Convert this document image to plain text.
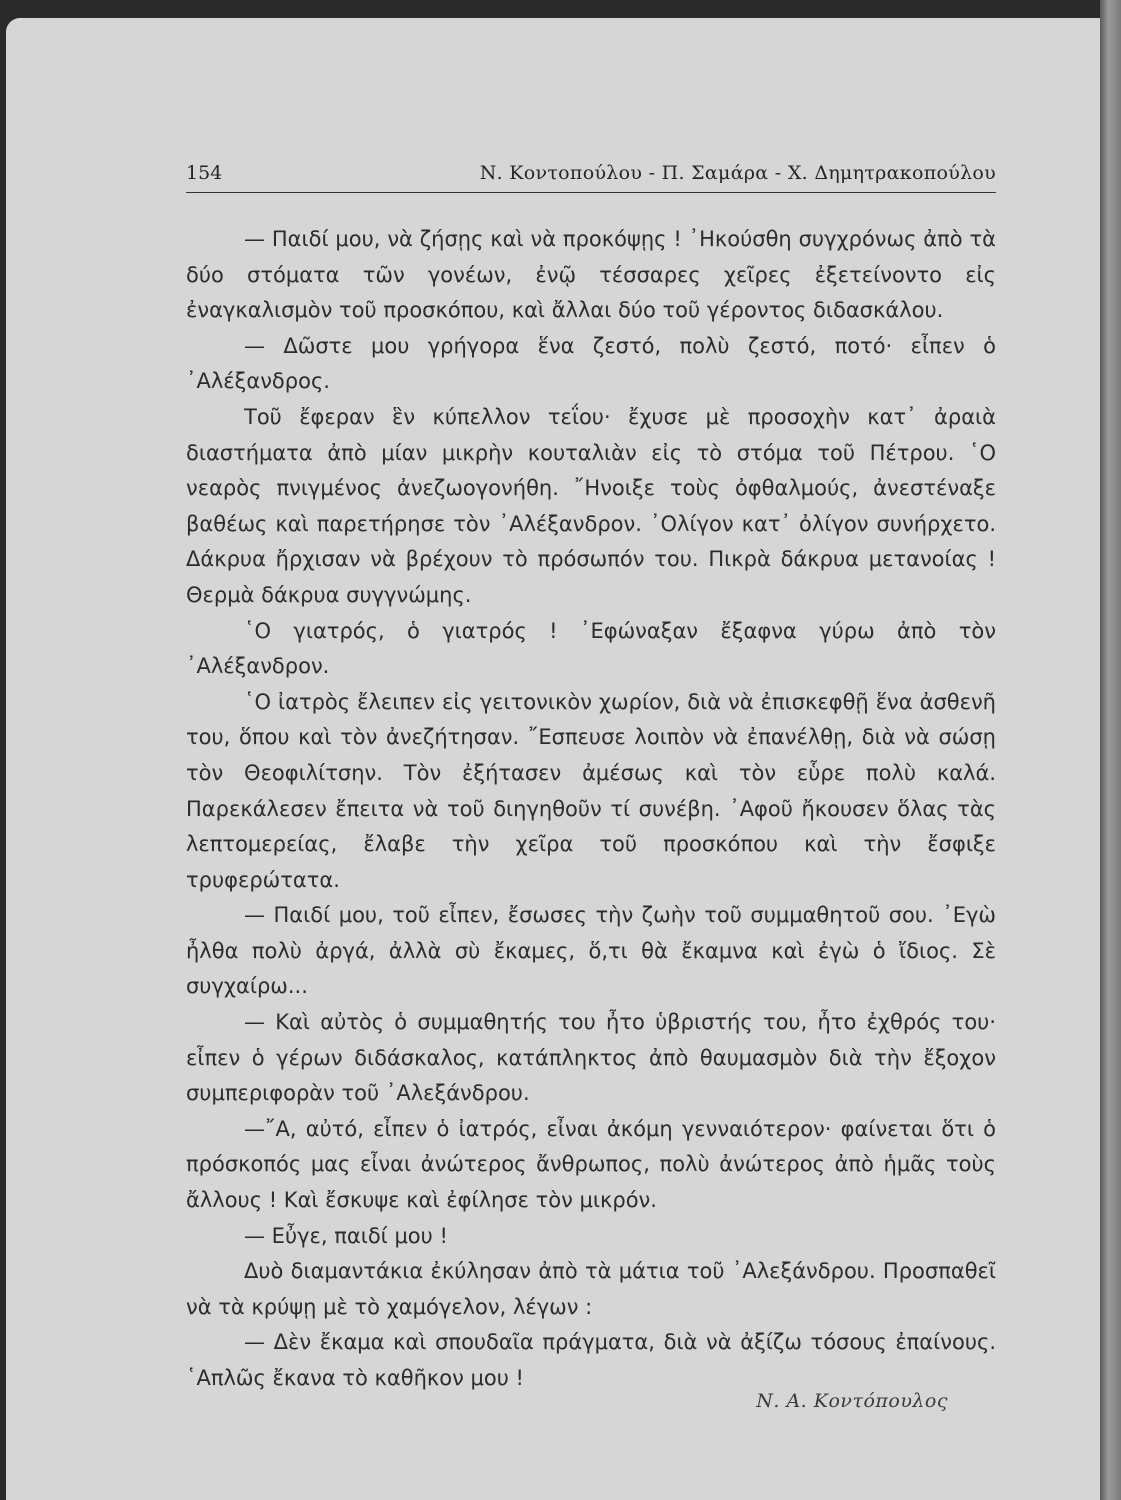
154	Ν. Κοντοπούλου - Π. Σαμάρα - Χ. Δημητρακοπούλου

— Παιδί μου, νὰ ζήσῃς καὶ νὰ προκόψῃς ! ᾿Ηκούσθη συγχρόνως ἀπὸ τὰ δύο στόματα τῶν γονέων, ἐνῷ τέσσαρες χεῖρες ἐξετείνοντο εἰς ἐναγκαλισμὸν τοῦ προσκόπου, καὶ ἄλλαι δύο τοῦ γέροντος διδασκάλου.

— Δῶστε μου γρήγορα ἕνα ζεστό, πολὺ ζεστό, ποτό· εἶπεν ὁ ᾿Αλέξανδρος.

Τοῦ ἔφεραν ἓν κύπελλον τεΐου· ἔχυσε μὲ προσοχὴν κατ᾿ ἀραιὰ διαστήματα ἀπὸ μίαν μικρὴν κουταλιὰν εἰς τὸ στόμα τοῦ Πέτρου. ῾Ο νεαρὸς πνιγμένος ἀνεζωογονήθη. ῎Ηνοιξε τοὺς ὀφθαλμούς, ἀνεστέναξε βαθέως καὶ παρετήρησε τὸν ᾿Αλέξανδρον. ᾿Ολίγον κατ᾿ ὀλίγον συνήρχετο. Δάκρυα ἤρχισαν νὰ βρέχουν τὸ πρόσωπόν του. Πικρὰ δάκρυα μετανοίας ! Θερμὰ δάκρυα συγγνώμης.

῾Ο γιατρός, ὁ γιατρός ! ᾿Εφώναξαν ἔξαφνα γύρω ἀπὸ τὸν ᾿Αλέξανδρον.

῾Ο ἰατρὸς ἔλειπεν εἰς γειτονικὸν χωρίον, διὰ νὰ ἐπισκεφθῇ ἕνα ἀσθενῆ του, ὅπου καὶ τὸν ἀνεζήτησαν. ῎Εσπευσε λοιπὸν νὰ ἐπανέλθῃ, διὰ νὰ σώσῃ τὸν Θεοφιλίτσην. Τὸν ἐξήτασεν ἀμέσως καὶ τὸν εὗρε πολὺ καλά. Παρεκάλεσεν ἔπειτα νὰ τοῦ διηγηθοῦν τί συνέβη. ᾿Αφοῦ ἤκουσεν ὅλας τὰς λεπτομερείας, ἔλαβε τὴν χεῖρα τοῦ προσκόπου καὶ τὴν ἔσφιξε τρυφερώτατα.

— Παιδί μου, τοῦ εἶπεν, ἔσωσες τὴν ζωὴν τοῦ συμμαθητοῦ σου. ᾿Εγὼ ἦλθα πολὺ ἀργά, ἀλλὰ σὺ ἔκαμες, ὅ,τι θὰ ἔκαμνα καὶ ἐγὼ ὁ ἴδιος. Σὲ συγχαίρω...

— Καὶ αὐτὸς ὁ συμμαθητής του ἦτο ὑβριστής του, ἦτο ἐχθρός του· εἶπεν ὁ γέρων διδάσκαλος, κατάπληκτος ἀπὸ θαυμασμὸν διὰ τὴν ἔξοχον συμπεριφορὰν τοῦ ᾿Αλεξάνδρου.

—῎Α, αὐτό, εἶπεν ὁ ἰατρός, εἶναι ἀκόμη γενναιότερον· φαίνεται ὅτι ὁ πρόσκοπός μας εἶναι ἀνώτερος ἄνθρωπος, πολὺ ἀνώτερος ἀπὸ ἡμᾶς τοὺς ἄλλους ! Καὶ ἔσκυψε καὶ ἐφίλησε τὸν μικρόν.

— Εὖγε, παιδί μου !

Δυὸ διαμαντάκια ἐκύλησαν ἀπὸ τὰ μάτια τοῦ ᾿Αλεξάνδρου. Προσπαθεῖ νὰ τὰ κρύψῃ μὲ τὸ χαμόγελον, λέγων :

— Δὲν ἔκαμα καὶ σπουδαῖα πράγματα, διὰ νὰ ἀξίζω τόσους ἐπαίνους. ῾Απλῶς ἔκανα τὸ καθῆκον μου !

Ν. Α. Κοντόπουλος
